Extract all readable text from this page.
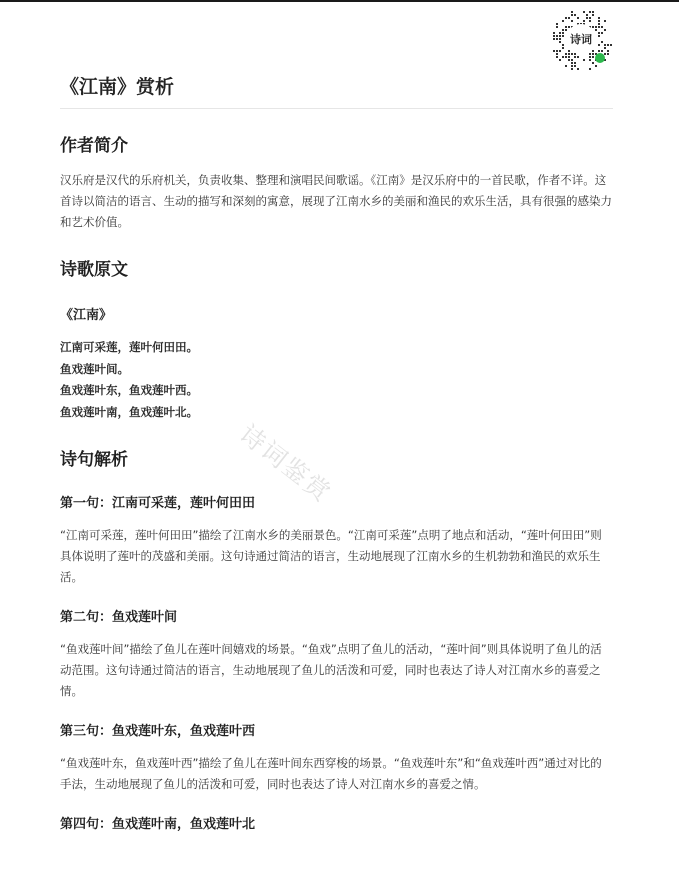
诗词
诗词鉴赏
《江南》赏析
作者简介

汉乐府是汉代的乐府机关，负责收集、整理和演唱民间歌谣。《江南》是汉乐府中的一首民歌，作者不详。这首诗以简洁的语言、生动的描写和深刻的寓意，展现了江南水乡的美丽和渔民的欢乐生活，具有很强的感染力和艺术价值。

诗歌原文
《江南》
江南可采莲，莲叶何田田。
鱼戏莲叶间。
鱼戏莲叶东，鱼戏莲叶西。
鱼戏莲叶南，鱼戏莲叶北。
诗句解析
第一句：江南可采莲，莲叶何田田

“江南可采莲，莲叶何田田”描绘了江南水乡的美丽景色。“江南可采莲”点明了地点和活动，“莲叶何田田”则具体说明了莲叶的茂盛和美丽。这句诗通过简洁的语言，生动地展现了江南水乡的生机勃勃和渔民的欢乐生活。

第二句：鱼戏莲叶间

“鱼戏莲叶间”描绘了鱼儿在莲叶间嬉戏的场景。“鱼戏”点明了鱼儿的活动，“莲叶间”则具体说明了鱼儿的活动范围。这句诗通过简洁的语言，生动地展现了鱼儿的活泼和可爱，同时也表达了诗人对江南水乡的喜爱之情。

第三句：鱼戏莲叶东，鱼戏莲叶西

“鱼戏莲叶东，鱼戏莲叶西”描绘了鱼儿在莲叶间东西穿梭的场景。“鱼戏莲叶东”和“鱼戏莲叶西”通过对比的手法，生动地展现了鱼儿的活泼和可爱，同时也表达了诗人对江南水乡的喜爱之情。

第四句：鱼戏莲叶南，鱼戏莲叶北
